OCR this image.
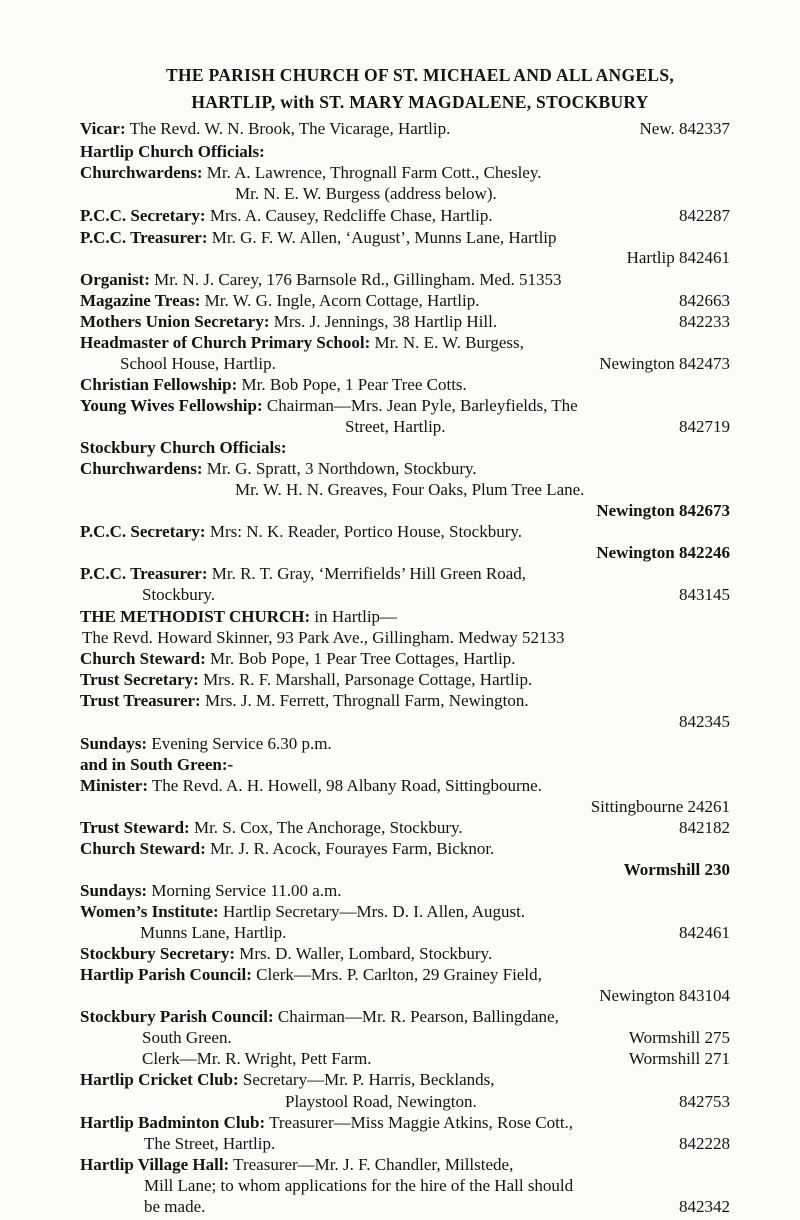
THE PARISH CHURCH OF ST. MICHAEL AND ALL ANGELS,
HARTLIP, with ST. MARY MAGDALENE, STOCKBURY
Vicar: The Revd. W. N. Brook, The Vicarage, Hartlip.	New. 842337
Hartlip Church Officials:
Churchwardens: Mr. A. Lawrence, Thrognall Farm Cott., Chesley.
Mr. N. E. W. Burgess (address below).
P.C.C. Secretary: Mrs. A. Causey, Redcliffe Chase, Hartlip.	842287
P.C.C. Treasurer: Mr. G. F. W. Allen, ‘August’, Munns Lane, Hartlip
Hartlip 842461
Organist: Mr. N. J. Carey, 176 Barnsole Rd., Gillingham. Med. 51353
Magazine Treas: Mr. W. G. Ingle, Acorn Cottage, Hartlip.	842663
Mothers Union Secretary: Mrs. J. Jennings, 38 Hartlip Hill.	842233
Headmaster of Church Primary School: Mr. N. E. W. Burgess,
School House, Hartlip.	Newington 842473
Christian Fellowship: Mr. Bob Pope, 1 Pear Tree Cotts.
Young Wives Fellowship: Chairman—Mrs. Jean Pyle, Barleyfields, The
Street, Hartlip.	842719
Stockbury Church Officials:
Churchwardens: Mr. G. Spratt, 3 Northdown, Stockbury.
Mr. W. H. N. Greaves, Four Oaks, Plum Tree Lane.
Newington 842673
P.C.C. Secretary: Mrs: N. K. Reader, Portico House, Stockbury.
Newington 842246
P.C.C. Treasurer: Mr. R. T. Gray, ‘Merrifields’ Hill Green Road,
Stockbury.	843145
THE METHODIST CHURCH: in Hartlip—
The Revd. Howard Skinner, 93 Park Ave., Gillingham. Medway 52133
Church Steward: Mr. Bob Pope, 1 Pear Tree Cottages, Hartlip.
Trust Secretary: Mrs. R. F. Marshall, Parsonage Cottage, Hartlip.
Trust Treasurer: Mrs. J. M. Ferrett, Thrognall Farm, Newington.
842345
Sundays: Evening Service 6.30 p.m.
and in South Green:-
Minister: The Revd. A. H. Howell, 98 Albany Road, Sittingbourne.
Sittingbourne 24261
Trust Steward: Mr. S. Cox, The Anchorage, Stockbury.	842182
Church Steward: Mr. J. R. Acock, Fourayes Farm, Bicknor.
Wormshill 230
Sundays: Morning Service 11.00 a.m.
Women’s Institute: Hartlip Secretary—Mrs. D. I. Allen, August.
Munns Lane, Hartlip.	842461
Stockbury Secretary: Mrs. D. Waller, Lombard, Stockbury.
Hartlip Parish Council: Clerk—Mrs. P. Carlton, 29 Grainey Field,
Newington 843104
Stockbury Parish Council: Chairman—Mr. R. Pearson, Ballingdane,
South Green.	Wormshill 275
Clerk—Mr. R. Wright, Pett Farm.	Wormshill 271
Hartlip Cricket Club: Secretary—Mr. P. Harris, Becklands,
Playstool Road, Newington.	842753
Hartlip Badminton Club: Treasurer—Miss Maggie Atkins, Rose Cott.,
The Street, Hartlip.	842228
Hartlip Village Hall: Treasurer—Mr. J. F. Chandler, Millstede,
Mill Lane; to whom applications for the hire of the Hall should
be made.	842342
